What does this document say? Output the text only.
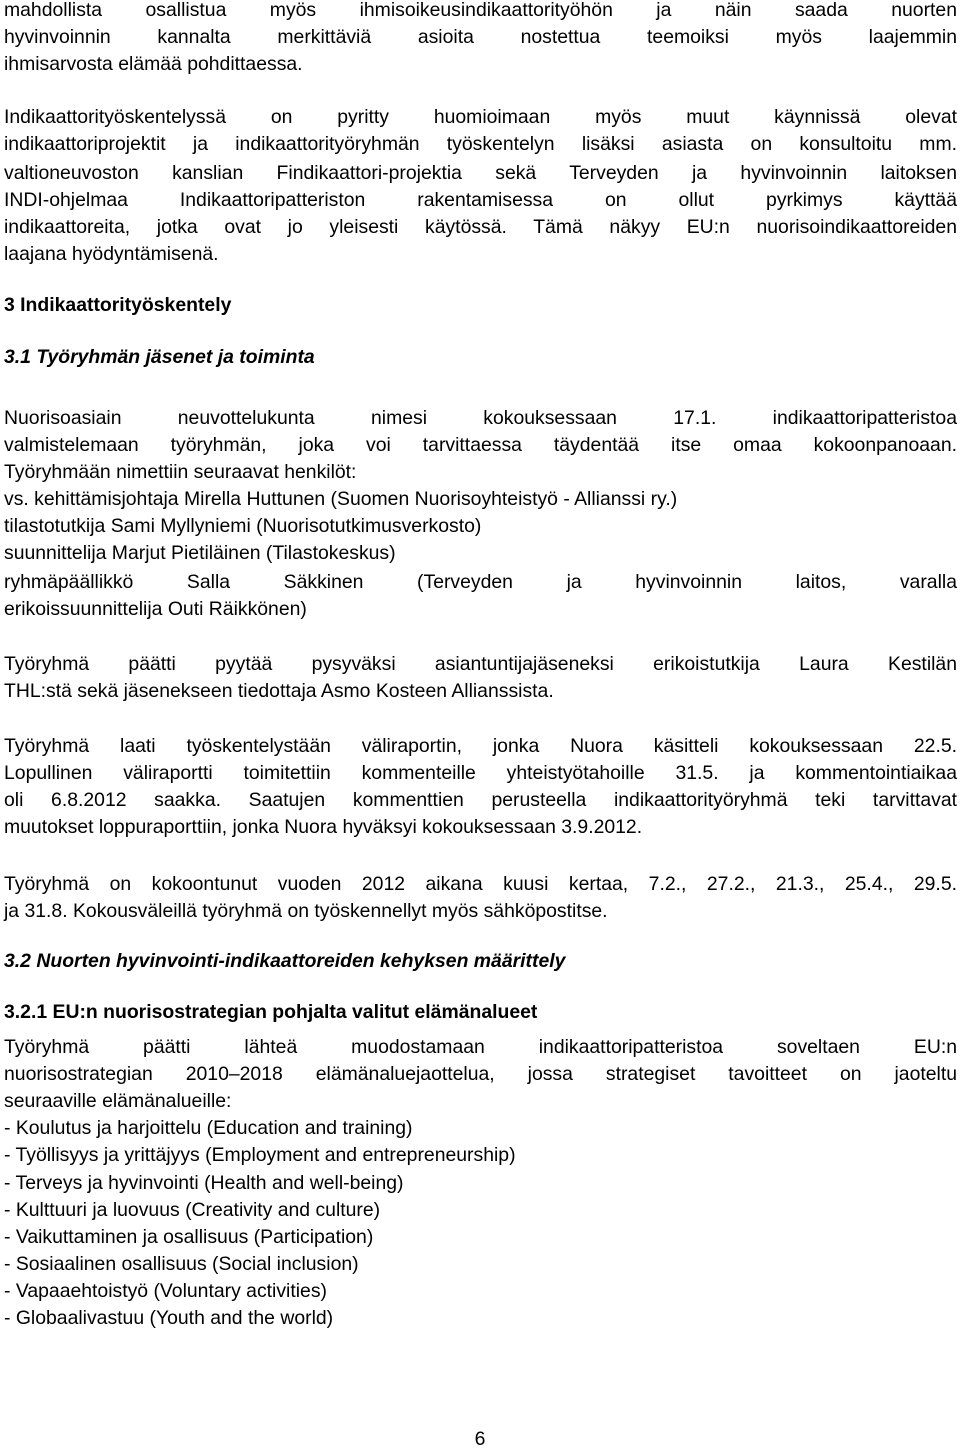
mahdollista osallistua myös ihmisoikeusindikaattorityöhön ja näin saada nuorten
hyvinvoinnin kannalta merkittäviä asioita nostettua teemoiksi myös laajemmin
ihmisarvosta elämää pohdittaessa.
Indikaattorityöskentelyssä on pyritty huomioimaan myös muut käynnissä olevat
indikaattoriprojektit ja indikaattorityöryhmän työskentelyn lisäksi asiasta on konsultoitu mm.
valtioneuvoston kanslian Findikaattori-projektia sekä Terveyden ja hyvinvoinnin laitoksen
INDI-ohjelmaa Indikaattoripatteriston rakentamisessa on ollut pyrkimys käyttää
indikaattoreita, jotka ovat jo yleisesti käytössä. Tämä näkyy EU:n nuorisoindikaattoreiden
laajana hyödyntämisenä.
3 Indikaattorityöskentely
3.1 Työryhmän jäsenet ja toiminta
Nuorisoasiain neuvottelukunta nimesi kokouksessaan 17.1. indikaattoripatteristoa
valmistelemaan työryhmän, joka voi tarvittaessa täydentää itse omaa kokoonpanoaan.
Työryhmään nimettiin seuraavat henkilöt:
vs. kehittämisjohtaja Mirella Huttunen (Suomen Nuorisoyhteistyö - Allianssi ry.)
tilastotutkija Sami Myllyniemi (Nuorisotutkimusverkosto)
suunnittelija Marjut Pietiläinen (Tilastokeskus)
ryhmäpäällikkö Salla Säkkinen (Terveyden ja hyvinvoinnin laitos, varalla
erikoissuunnittelija Outi Räikkönen)
Työryhmä päätti pyytää pysyväksi asiantuntijajäseneksi erikoistutkija Laura Kestilän
THL:stä sekä jäsenekseen tiedottaja Asmo Kosteen Allianssista.
Työryhmä laati työskentelystään väliraportin, jonka Nuora käsitteli kokouksessaan 22.5.
Lopullinen väliraportti toimitettiin kommenteille yhteistyötahoille 31.5. ja kommentointiaikaa
oli 6.8.2012 saakka. Saatujen kommenttien perusteella indikaattorityöryhmä teki tarvittavat
muutokset loppuraporttiin, jonka Nuora hyväksyi kokouksessaan 3.9.2012.
Työryhmä on kokoontunut vuoden 2012 aikana kuusi kertaa, 7.2., 27.2., 21.3., 25.4., 29.5.
ja 31.8. Kokousväleillä työryhmä on työskennellyt myös sähköpostitse.
3.2 Nuorten hyvinvointi-indikaattoreiden kehyksen määrittely
3.2.1 EU:n nuorisostrategian pohjalta valitut elämänalueet
Työryhmä päätti lähteä muodostamaan indikaattoripatteristoa soveltaen EU:n
nuorisostrategian 2010–2018 elämänaluejaottelua, jossa strategiset tavoitteet on jaoteltu
seuraaville elämänalueille:
- Koulutus ja harjoittelu (Education and training)
- Työllisyys ja yrittäjyys (Employment and entrepreneurship)
- Terveys ja hyvinvointi (Health and well-being)
- Kulttuuri ja luovuus (Creativity and culture)
- Vaikuttaminen ja osallisuus (Participation)
- Sosiaalinen osallisuus (Social inclusion)
- Vapaaehtoistyö (Voluntary activities)
- Globaalivastuu (Youth and the world)
6
